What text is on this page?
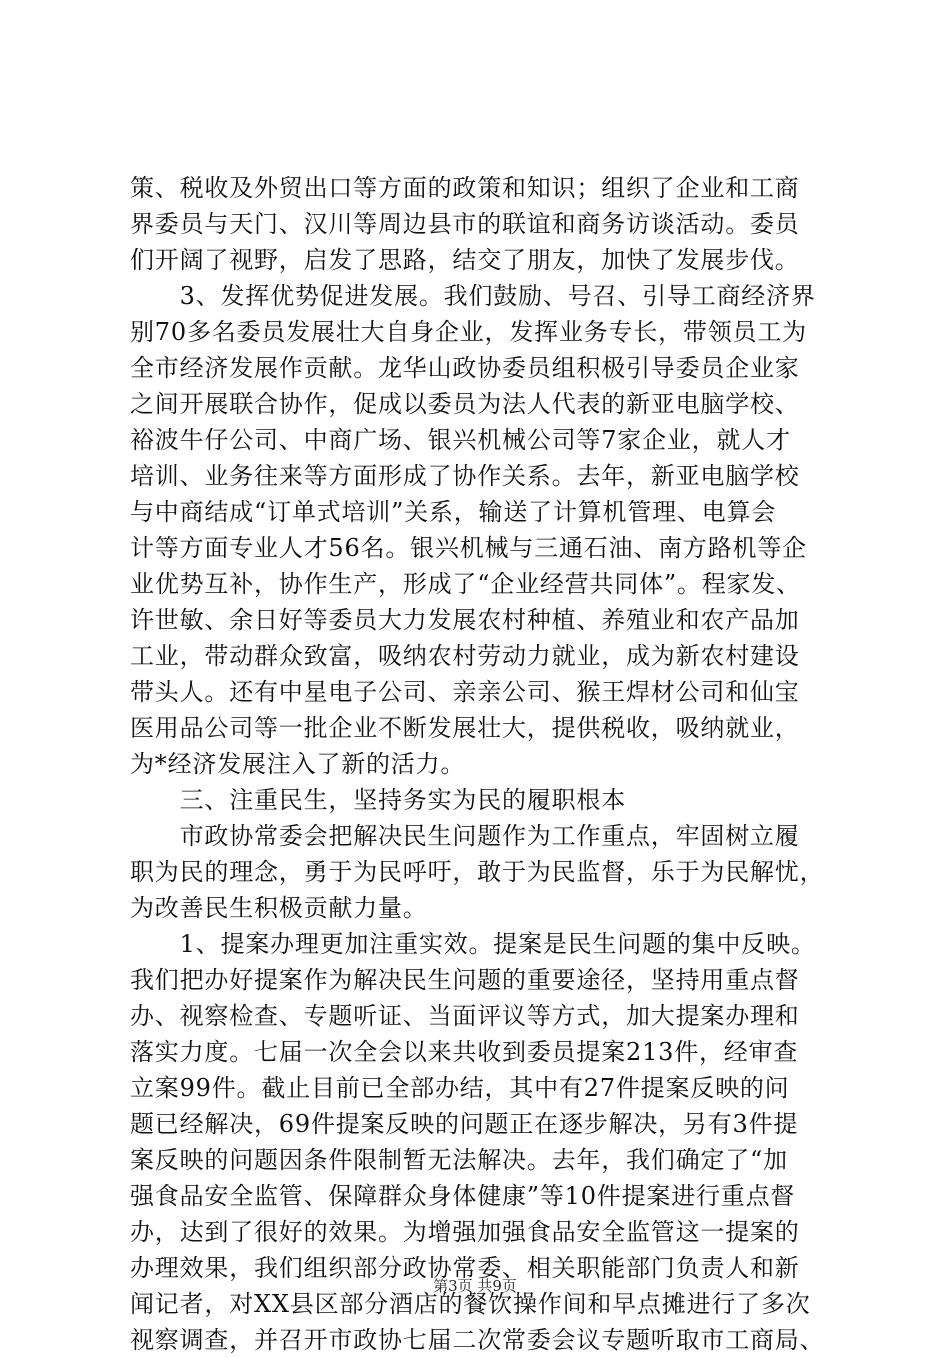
策、税收及外贸出口等方面的政策和知识；组织了企业和工商
界委员与天门、汉川等周边县市的联谊和商务访谈活动。委员
们开阔了视野，启发了思路，结交了朋友，加快了发展步伐。
　　3、发挥优势促进发展。我们鼓励、号召、引导工商经济界
别70多名委员发展壮大自身企业，发挥业务专长，带领员工为
全市经济发展作贡献。龙华山政协委员组积极引导委员企业家
之间开展联合协作，促成以委员为法人代表的新亚电脑学校、
裕波牛仔公司、中商广场、银兴机械公司等7家企业，就人才
培训、业务往来等方面形成了协作关系。去年，新亚电脑学校
与中商结成“订单式培训”关系，输送了计算机管理、电算会
计等方面专业人才56名。银兴机械与三通石油、南方路机等企
业优势互补，协作生产，形成了“企业经营共同体”。程家发、
许世敏、余日好等委员大力发展农村种植、养殖业和农产品加
工业，带动群众致富，吸纳农村劳动力就业，成为新农村建设
带头人。还有中星电子公司、亲亲公司、猴王焊材公司和仙宝
医用品公司等一批企业不断发展壮大，提供税收，吸纳就业，
为*经济发展注入了新的活力。
　　三、注重民生，坚持务实为民的履职根本
　　市政协常委会把解决民生问题作为工作重点，牢固树立履
职为民的理念，勇于为民呼吁，敢于为民监督，乐于为民解忧，
为改善民生积极贡献力量。
　　1、提案办理更加注重实效。提案是民生问题的集中反映。
我们把办好提案作为解决民生问题的重要途径，坚持用重点督
办、视察检查、专题听证、当面评议等方式，加大提案办理和
落实力度。七届一次全会以来共收到委员提案213件，经审查
立案99件。截止目前已全部办结，其中有27件提案反映的问
题已经解决，69件提案反映的问题正在逐步解决，另有3件提
案反映的问题因条件限制暂无法解决。去年，我们确定了“加
强食品安全监管、保障群众身体健康”等10件提案进行重点督
办，达到了很好的效果。为增强加强食品安全监管这一提案的
办理效果，我们组织部分政协常委、相关职能部门负责人和新
闻记者，对XX县区部分酒店的餐饮操作间和早点摊进行了多次
视察调查，并召开市政协七届二次常委会议专题听取市工商局、
第3页 共9页
